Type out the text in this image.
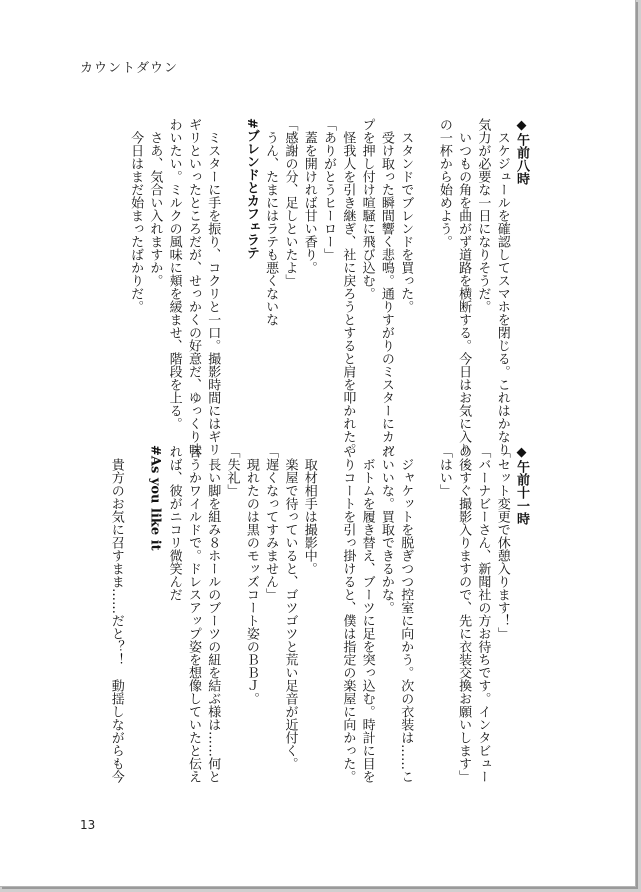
カウントダウン

◆午前八時

　スケジュールを確認してスマホを閉じる。これはかなり

気力が必要な一日になりそうだ。

　いつもの角を曲がず道路を横断する。今日はお気に入り

の一杯から始めよう。

　スタンドでブレンドを買った。

　受け取った瞬間響く悲鳴。通りすがりのミスターにカッ

プを押し付け喧騒に飛び込む。

　怪我人を引き継ぎ、社に戻ろうとすると肩を叩かれた。

「ありがとうヒーロー」

　蓋を開ければ甘い香り。

「感謝の分、足しといたよ」

　うん、たまにはラテも悪くないな

#ブレンドとカフェラテ

　ミスターに手を振り、コクリと一口。撮影時間にはギリ

ギリといったところだが、せっかくの好意だ、ゆっくり味

わいたい。ミルクの風味に頬を緩ませ、階段を上る。

　さあ、気合い入れますか。

　今日はまだ始まったばかりだ。

◆午前十一時

「セット変更で休憩入ります！」

「バーナビーさん、新聞社の方お待ちです。インタビュー

の後すぐ撮影入りますので、先に衣装交換お願いします」

「はい」

　ジャケットを脱ぎつつ控室に向かう。次の衣装は……こ

れいいな。買取できるかな。

　ボトムを履き替え、ブーツに足を突っ込む。時計に目を

やりコートを引っ掛けると、僕は指定の楽屋に向かった。

　取材相手は撮影中。

　楽屋で待っていると、ゴツゴツと荒い足音が近付く。

「遅くなってすみません」

　現れたのは黒のモッズコート姿のＢＢＪ。

「失礼」

　長い脚を組み８ホールのブーツの紐を結ぶ様は……何と

言うかワイルドで。ドレスアップ姿を想像していたと伝え

れば、彼がニコリ微笑んだ

#As you like it

　貴方のお気に召すまま……だと？！　動揺しながらも今

13
